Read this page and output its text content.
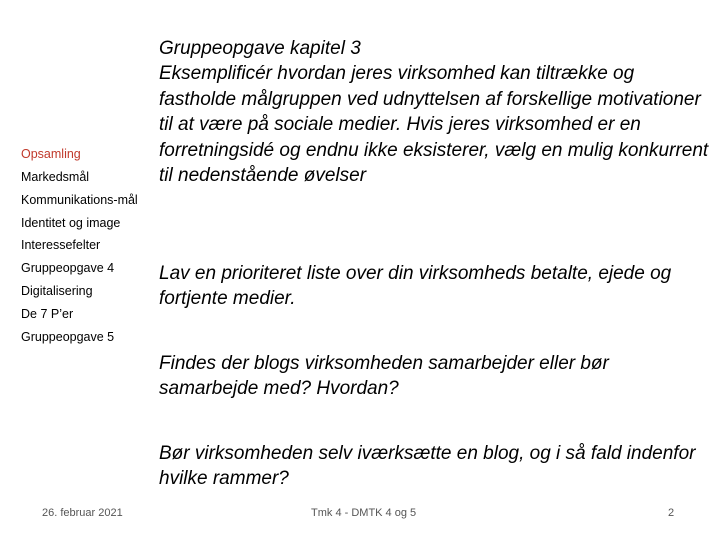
Opsamling
Markedsmål
Kommunikations-mål
Identitet og image
Interessefelter
Gruppeopgave 4
Digitalisering
De 7 P’er
Gruppeopgave 5

Gruppeopgave kapitel 3

Eksemplificér hvordan jeres virksomhed kan tiltrække og fastholde målgruppen ved udnyttelsen af forskellige motivationer til at være på sociale medier. Hvis jeres virksomhed er en forretningsidé og endnu ikke eksisterer, vælg en mulig konkurrent til nedenstående øvelser

Lav en prioriteret liste over din virksomheds betalte, ejede og fortjente medier.

Findes der blogs virksomheden samarbejder eller bør samarbejde med? Hvordan?

Bør virksomheden selv iværksætte en blog, og i så fald indenfor hvilke rammer?

26. februar 2021	Tmk 4 - DMTK 4 og 5	2
